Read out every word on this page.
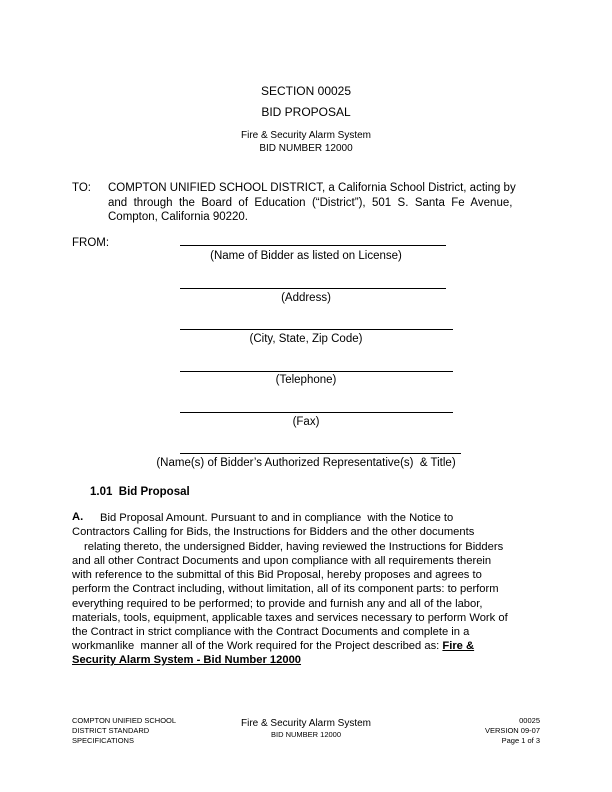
SECTION 00025
BID PROPOSAL
Fire & Security Alarm System
BID NUMBER 12000
TO: COMPTON UNIFIED SCHOOL DISTRICT, a California School District, acting by
and  through  the  Board  of  Education  (“District”),  501  S.  Santa  Fe  Avenue,
Compton, California 90220.
FROM:
(Name of Bidder as listed on License)
(Address)
(City, State, Zip Code)
(Telephone)
(Fax)
(Name(s) of Bidder’s Authorized Representative(s)  & Title)
1.01  Bid Proposal
A. Bid Proposal Amount. Pursuant to and in compliance  with the Notice to
Contractors Calling for Bids, the Instructions for Bidders and the other documents
relating thereto, the undersigned Bidder, having reviewed the Instructions for Bidders
and all other Contract Documents and upon compliance with all requirements therein
with reference to the submittal of this Bid Proposal, hereby proposes and agrees to
perform the Contract including, without limitation, all of its component parts: to perform
everything required to be performed; to provide and furnish any and all of the labor,
materials, tools, equipment, applicable taxes and services necessary to perform Work of
the Contract in strict compliance with the Contract Documents and complete in a
workmanlike  manner all of the Work required for the Project described as: Fire &
Security Alarm System - Bid Number 12000
COMPTON UNIFIED SCHOOL
DISTRICT STANDARD
SPECIFICATIONS
Fire & Security Alarm System
BID NUMBER 12000
00025
VERSION 09-07
Page 1 of 3
